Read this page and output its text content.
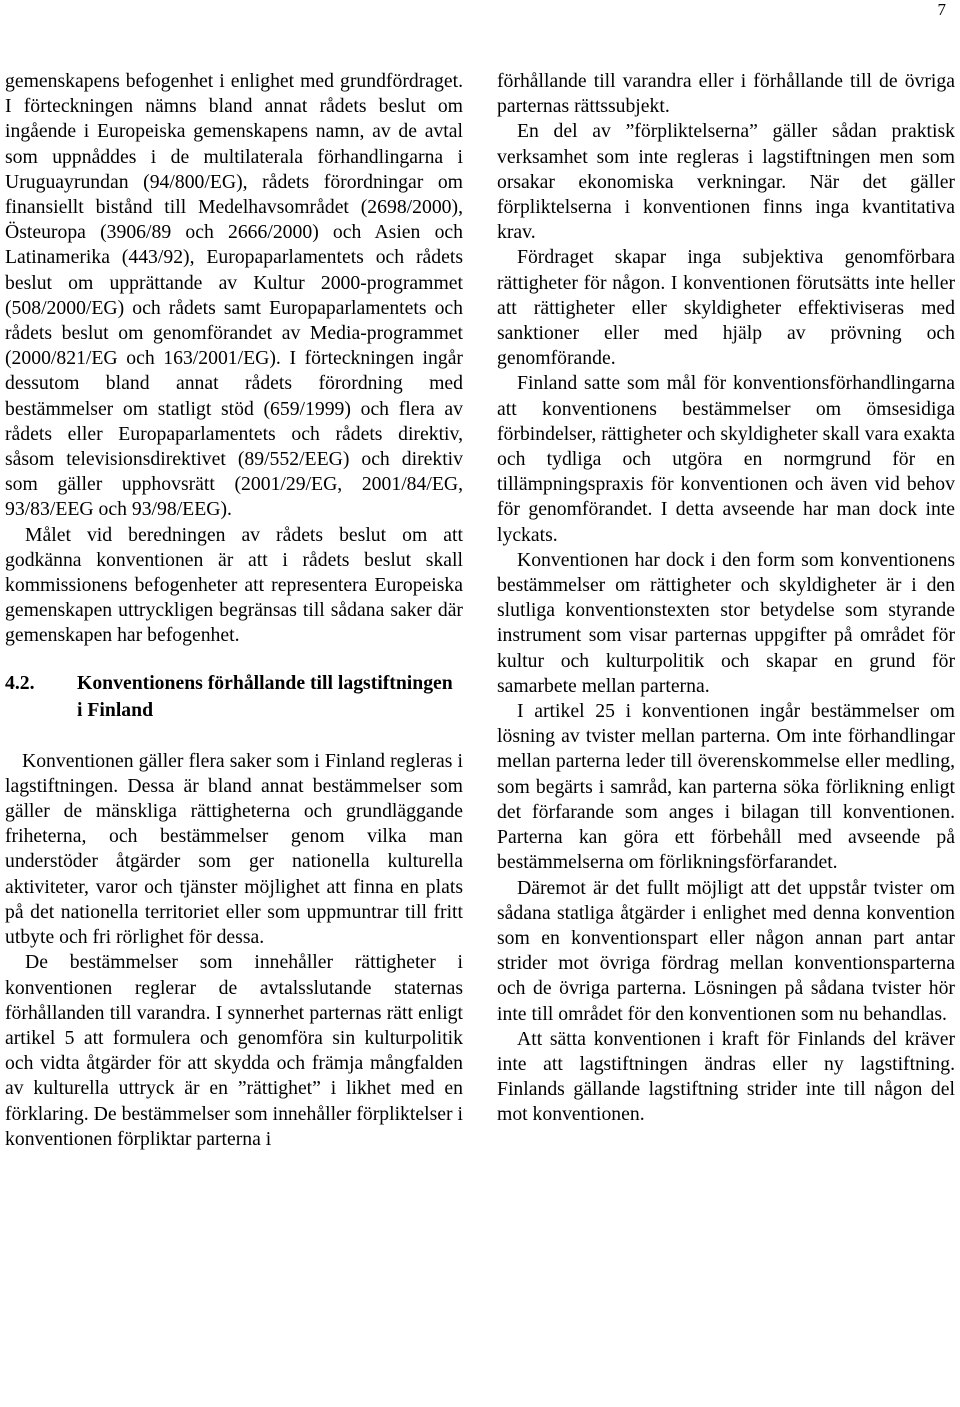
7

gemenskapens befogenhet i enlighet med grundfördraget. I förteckningen nämns bland annat rådets beslut om ingående i Europeiska gemenskapens namn, av de avtal som uppnåddes i de multilaterala förhandlingarna i Uruguayrundan (94/800/EG), rådets förordningar om finansiellt bistånd till Medelhavsområdet (2698/2000), Östeuropa (3906/89 och 2666/2000) och Asien och Latinamerika (443/92), Europaparlamentets och rådets beslut om upprättande av Kultur 2000-programmet (508/2000/EG) och rådets samt Europaparlamentets och rådets beslut om genomförandet av Media-programmet (2000/821/EG och 163/2001/EG). I förteckningen ingår dessutom bland annat rådets förordning med bestämmelser om statligt stöd (659/1999) och flera av rådets eller Europaparlamentets och rådets direktiv, såsom televisionsdirektivet (89/552/EEG) och direktiv som gäller upphovsrätt (2001/29/EG, 2001/84/EG, 93/83/EEG och 93/98/EEG).

Målet vid beredningen av rådets beslut om att godkänna konventionen är att i rådets beslut skall kommissionens befogenheter att representera Europeiska gemenskapen uttryckligen begränsas till sådana saker där gemenskapen har befogenhet.

4.2.	Konventionens förhållande till lagstiftningen i Finland

Konventionen gäller flera saker som i Finland regleras i lagstiftningen. Dessa är bland annat bestämmelser som gäller de mänskliga rättigheterna och grundläggande friheterna, och bestämmelser genom vilka man understöder åtgärder som ger nationella kulturella aktiviteter, varor och tjänster möjlighet att finna en plats på det nationella territoriet eller som uppmuntrar till fritt utbyte och fri rörlighet för dessa.

De bestämmelser som innehåller rättigheter i konventionen reglerar de avtalsslutande staternas förhållanden till varandra. I synnerhet parternas rätt enligt artikel 5 att formulera och genomföra sin kulturpolitik och vidta åtgärder för att skydda och främja mångfalden av kulturella uttryck är en ”rättighet” i likhet med en förklaring. De bestämmelser som innehåller förpliktelser i konventionen förpliktar parterna i

förhållande till varandra eller i förhållande till de övriga parternas rättssubjekt.

En del av ”förpliktelserna” gäller sådan praktisk verksamhet som inte regleras i lagstiftningen men som orsakar ekonomiska verkningar. När det gäller förpliktelserna i konventionen finns inga kvantitativa krav.

Fördraget skapar inga subjektiva genomförbara rättigheter för någon. I konventionen förutsätts inte heller att rättigheter eller skyldigheter effektiviseras med sanktioner eller med hjälp av prövning och genomförande.

Finland satte som mål för konventionsförhandlingarna att konventionens bestämmelser om ömsesidiga förbindelser, rättigheter och skyldigheter skall vara exakta och tydliga och utgöra en normgrund för en tillämpningspraxis för konventionen och även vid behov för genomförandet. I detta avseende har man dock inte lyckats.

Konventionen har dock i den form som konventionens bestämmelser om rättigheter och skyldigheter är i den slutliga konventionstexten stor betydelse som styrande instrument som visar parternas uppgifter på området för kultur och kulturpolitik och skapar en grund för samarbete mellan parterna.

I artikel 25 i konventionen ingår bestämmelser om lösning av tvister mellan parterna. Om inte förhandlingar mellan parterna leder till överenskommelse eller medling, som begärts i samråd, kan parterna söka förlikning enligt det förfarande som anges i bilagan till konventionen. Parterna kan göra ett förbehåll med avseende på bestämmelserna om förlikningsförfarandet.

Däremot är det fullt möjligt att det uppstår tvister om sådana statliga åtgärder i enlighet med denna konvention som en konventionspart eller någon annan part antar strider mot övriga fördrag mellan konventionsparterna och de övriga parterna. Lösningen på sådana tvister hör inte till området för den konventionen som nu behandlas.

Att sätta konventionen i kraft för Finlands del kräver inte att lagstiftningen ändras eller ny lagstiftning. Finlands gällande lagstiftning strider inte till någon del mot konventionen.
